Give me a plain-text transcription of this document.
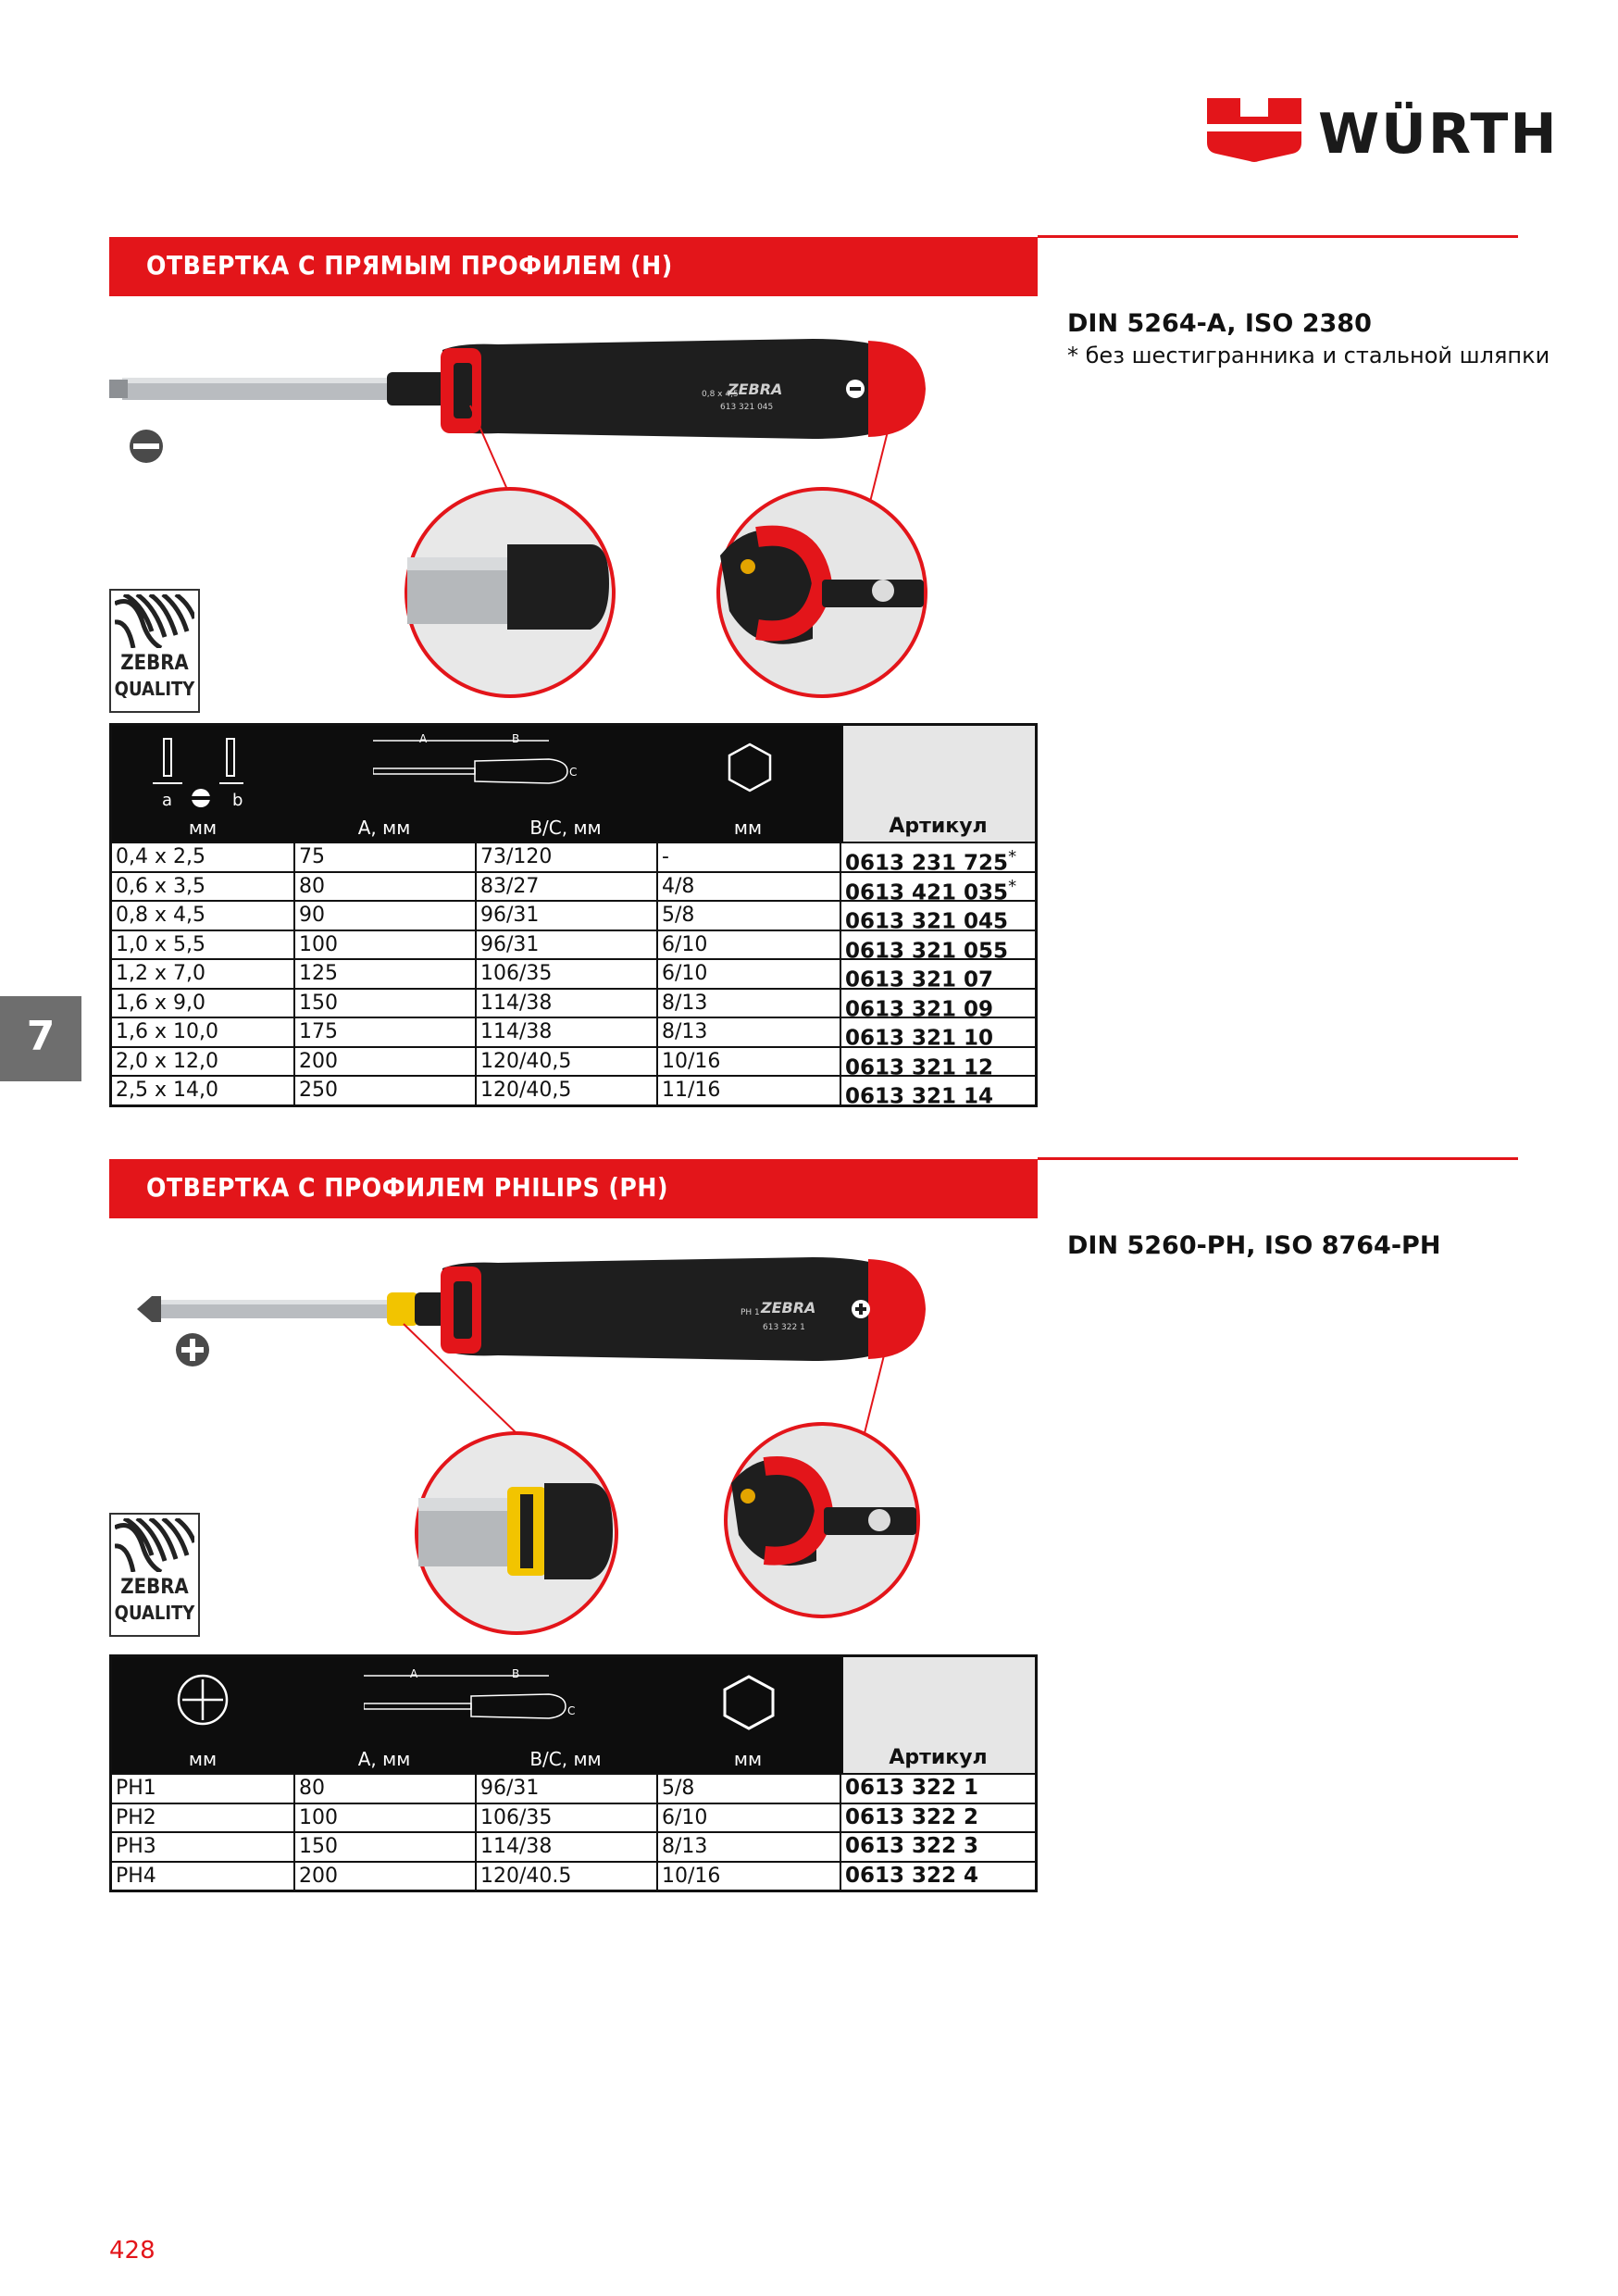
WÜRTH
ОТВЕРТКА С ПРЯМЫМ ПРОФИЛЕМ (H)
DIN 5264-A, ISO 2380
* без шестигранника и стальной шляпки
ZEBRA
0,8 x 4,5
613 321 045
ZEBRA
QUALITY
a	b
A	B
C
мм	A, мм	B/C, мм	мм	Артикул
0,4 x 2,5	75	73/120	-	0613 231 725*
0,6 x 3,5	80	83/27	4/8	0613 421 035*
0,8 x 4,5	90	96/31	5/8	0613 321 045
1,0 x 5,5	100	96/31	6/10	0613 321 055
1,2 x 7,0	125	106/35	6/10	0613 321 07
1,6 x 9,0	150	114/38	8/13	0613 321 09
1,6 x 10,0	175	114/38	8/13	0613 321 10
2,0 x 12,0	200	120/40,5	10/16	0613 321 12
2,5 x 14,0	250	120/40,5	11/16	0613 321 14
7
ОТВЕРТКА С ПРОФИЛЕМ PHILIPS (PH)
DIN 5260-PH, ISO 8764-PH
ZEBRA
PH 1
613 322 1
ZEBRA
QUALITY
A	B
C
мм	A, мм	B/C, мм	мм	Артикул
PH1	80	96/31	5/8	0613 322 1
PH2	100	106/35	6/10	0613 322 2
PH3	150	114/38	8/13	0613 322 3
PH4	200	120/40.5	10/16	0613 322 4
428
